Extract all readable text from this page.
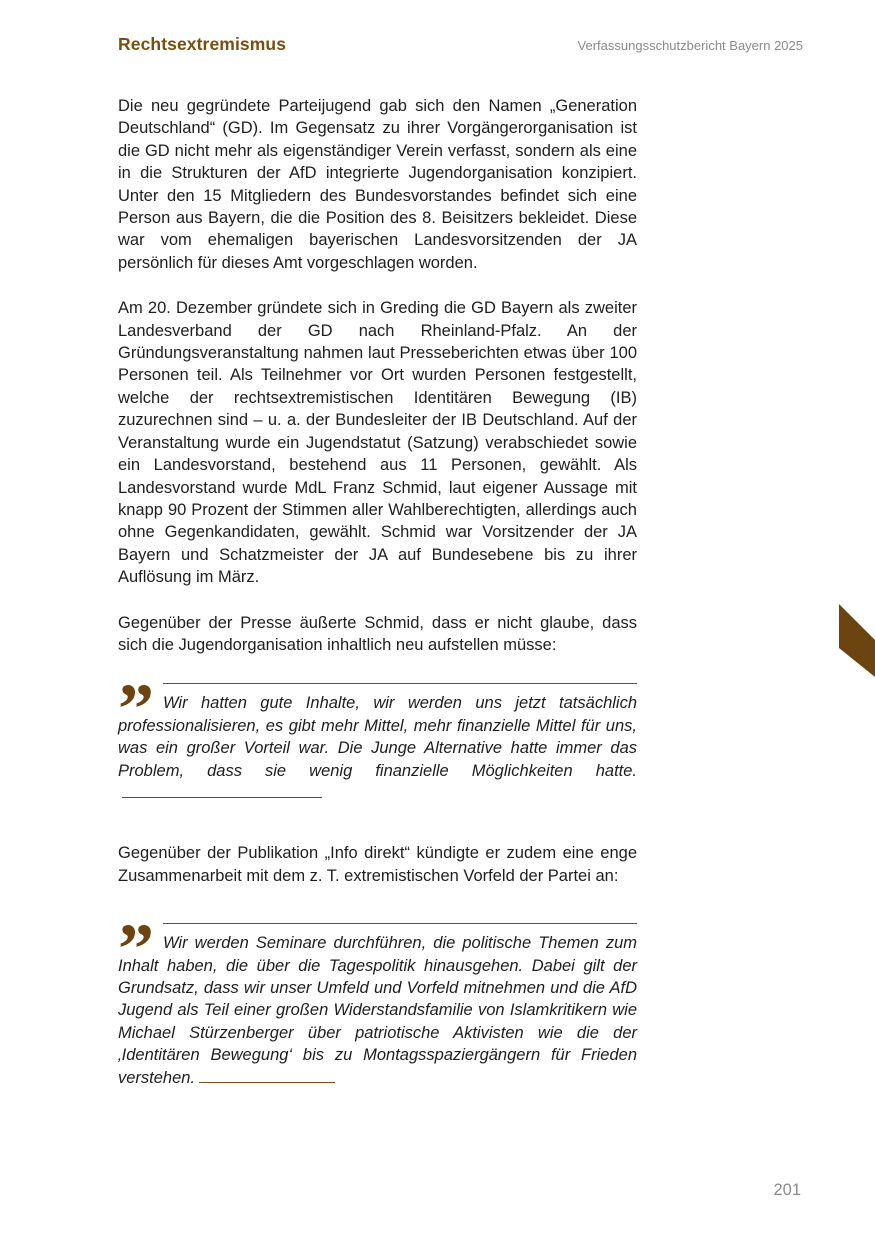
Rechtsextremismus	Verfassungsschutzbericht Bayern 2025

Die neu gegründete Parteijugend gab sich den Namen „Generation Deutschland“ (GD). Im Gegensatz zu ihrer Vorgängerorganisation ist die GD nicht mehr als eigenständiger Verein verfasst, sondern als eine in die Strukturen der AfD integrierte Jugendorganisation konzipiert. Unter den 15 Mitgliedern des Bundesvorstandes befindet sich eine Person aus Bayern, die die Position des 8. Beisitzers bekleidet. Diese war vom ehemaligen bayerischen Landesvorsitzenden der JA persönlich für dieses Amt vorgeschlagen worden.

Am 20. Dezember gründete sich in Greding die GD Bayern als zweiter Landesverband der GD nach Rheinland-Pfalz. An der Gründungsveranstaltung nahmen laut Presseberichten etwas über 100 Personen teil. Als Teilnehmer vor Ort wurden Personen festgestellt, welche der rechtsextremistischen Identitären Bewegung (IB) zuzurechnen sind – u. a. der Bundesleiter der IB Deutschland. Auf der Veranstaltung wurde ein Jugendstatut (Satzung) verabschiedet sowie ein Landesvorstand, bestehend aus 11 Personen, gewählt. Als Landesvorstand wurde MdL Franz Schmid, laut eigener Aussage mit knapp 90 Prozent der Stimmen aller Wahlberechtigten, allerdings auch ohne Gegenkandidaten, gewählt. Schmid war Vorsitzender der JA Bayern und Schatzmeister der JA auf Bundesebene bis zu ihrer Auflösung im März.

Gegenüber der Presse äußerte Schmid, dass er nicht glaube, dass sich die Jugendorganisation inhaltlich neu aufstellen müsse:

” Wir hatten gute Inhalte, wir werden uns jetzt tatsächlich professionalisieren, es gibt mehr Mittel, mehr finanzielle Mittel für uns, was ein großer Vorteil war. Die Junge Alternative hatte immer das Problem, dass sie wenig finanzielle Möglichkeiten hatte.

Gegenüber der Publikation „Info direkt“ kündigte er zudem eine enge Zusammenarbeit mit dem z. T. extremistischen Vorfeld der Partei an:

” Wir werden Seminare durchführen, die politische Themen zum Inhalt haben, die über die Tagespolitik hinausgehen. Dabei gilt der Grundsatz, dass wir unser Umfeld und Vorfeld mitnehmen und die AfD Jugend als Teil einer großen Widerstandsfamilie von Islamkritikern wie Michael Stürzenberger über patriotische Aktivisten wie die der ‚Identitären Bewegung‘ bis zu Montagsspaziergängern für Frieden verstehen.

201
